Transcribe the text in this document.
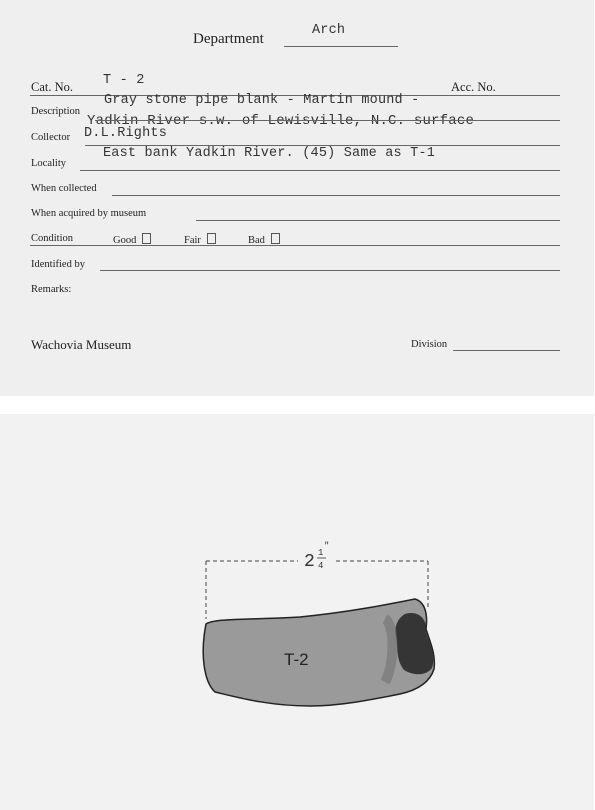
Department
Arch
Cat. No. T - 2	Acc. No.
Description
Gray stone pipe blank - Martin mound -
Yadkin River s.w. of Lewisville, N.C. surface
Collector D.L.Rights
Locality
East bank Yadkin River. (45) Same as T-1
When collected
When acquired by museum
Condition	Good	Fair	Bad
Identified by
Remarks:
Wachovia Museum	Division
2 1
4
"
T-2
